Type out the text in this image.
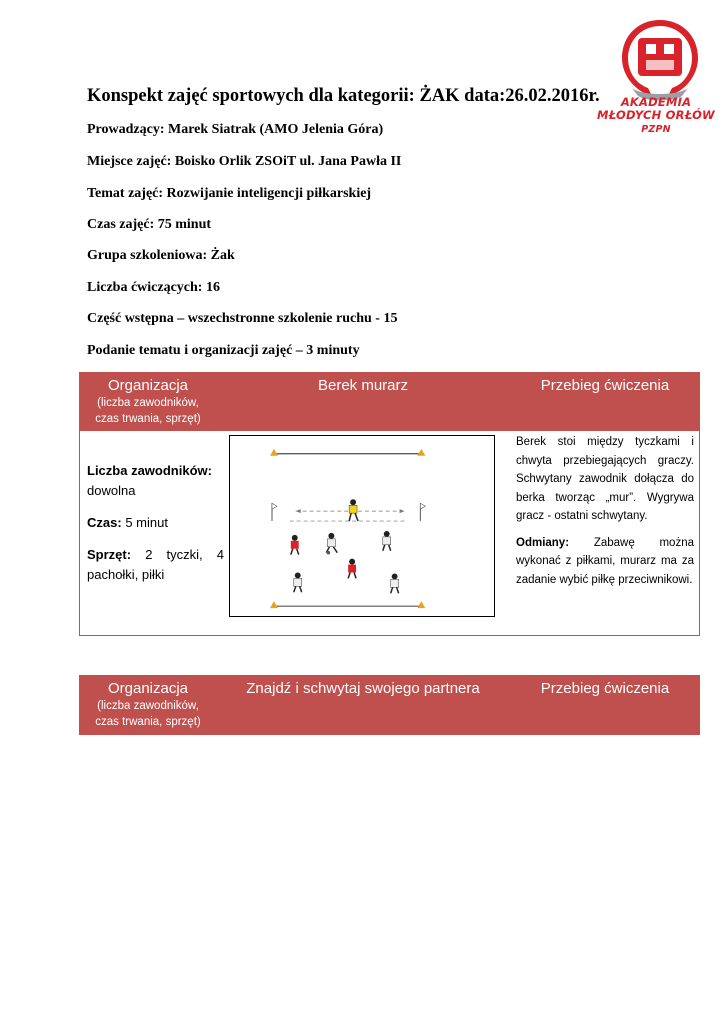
AKADEMIA
MŁODYCH ORŁÓW
PZPN
Konspekt zajęć sportowych dla kategorii: ŻAK data:26.02.2016r.
Prowadzący: Marek Siatrak (AMO Jelenia Góra)
Miejsce zajęć: Boisko Orlik ZSOiT ul. Jana Pawła II
Temat zajęć: Rozwijanie inteligencji piłkarskiej
Czas zajęć: 75 minut
Grupa szkoleniowa: Żak
Liczba ćwiczących: 16
Część wstępna – wszechstronne szkolenie ruchu - 15
Podanie tematu i organizacji zajęć – 3 minuty
Organizacja
(liczba zawodników,
czas trwania, sprzęt)
Berek murarz	Przebieg ćwiczenia

Liczba zawodników:
dowolna

Czas: 5 minut

Sprzęt: 2 tyczki, 4 pachołki, piłki

Berek stoi między tyczkami i chwyta przebiegających graczy. Schwytany zawodnik dołącza do berka tworząc „mur”. Wygrywa gracz - ostatni schwytany.

Odmiany: Zabawę można wykonać z piłkami, murarz ma za zadanie wybić piłkę przeciwnikowi.

Organizacja
(liczba zawodników,
czas trwania, sprzęt)
Znajdź i schwytaj swojego partnera	Przebieg ćwiczenia
